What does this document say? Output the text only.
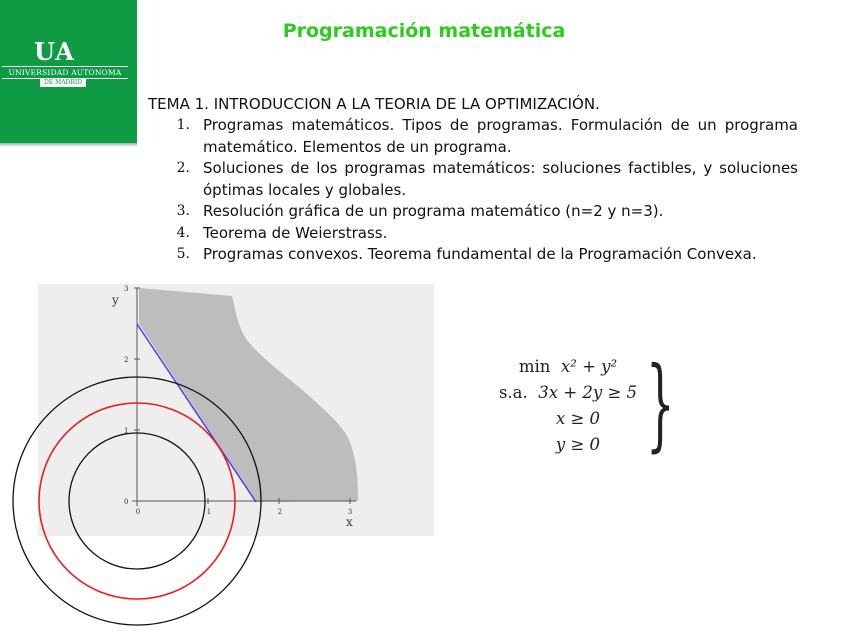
UA
UNIVERSIDAD AUTONOMA
DE MADRID
Programación matemática
TEMA 1. INTRODUCCION A LA TEORIA DE LA OPTIMIZACIÓN.
1. Programas matemáticos. Tipos de programas. Formulación de un programa matemático. Elementos de un programa.
2. Soluciones de los programas matemáticos: soluciones factibles, y soluciones óptimas locales y globales.
3. Resolución gráfica de un programa matemático (n=2 y n=3).
4. Teorema de Weierstrass.
5. Programas convexos. Teorema fundamental de la Programación Convexa.
0	1	2	3
x
0
1
2
3
y
min x² + y²
s.a. 3x + 2y ≥ 5
x ≥ 0
y ≥ 0 }
